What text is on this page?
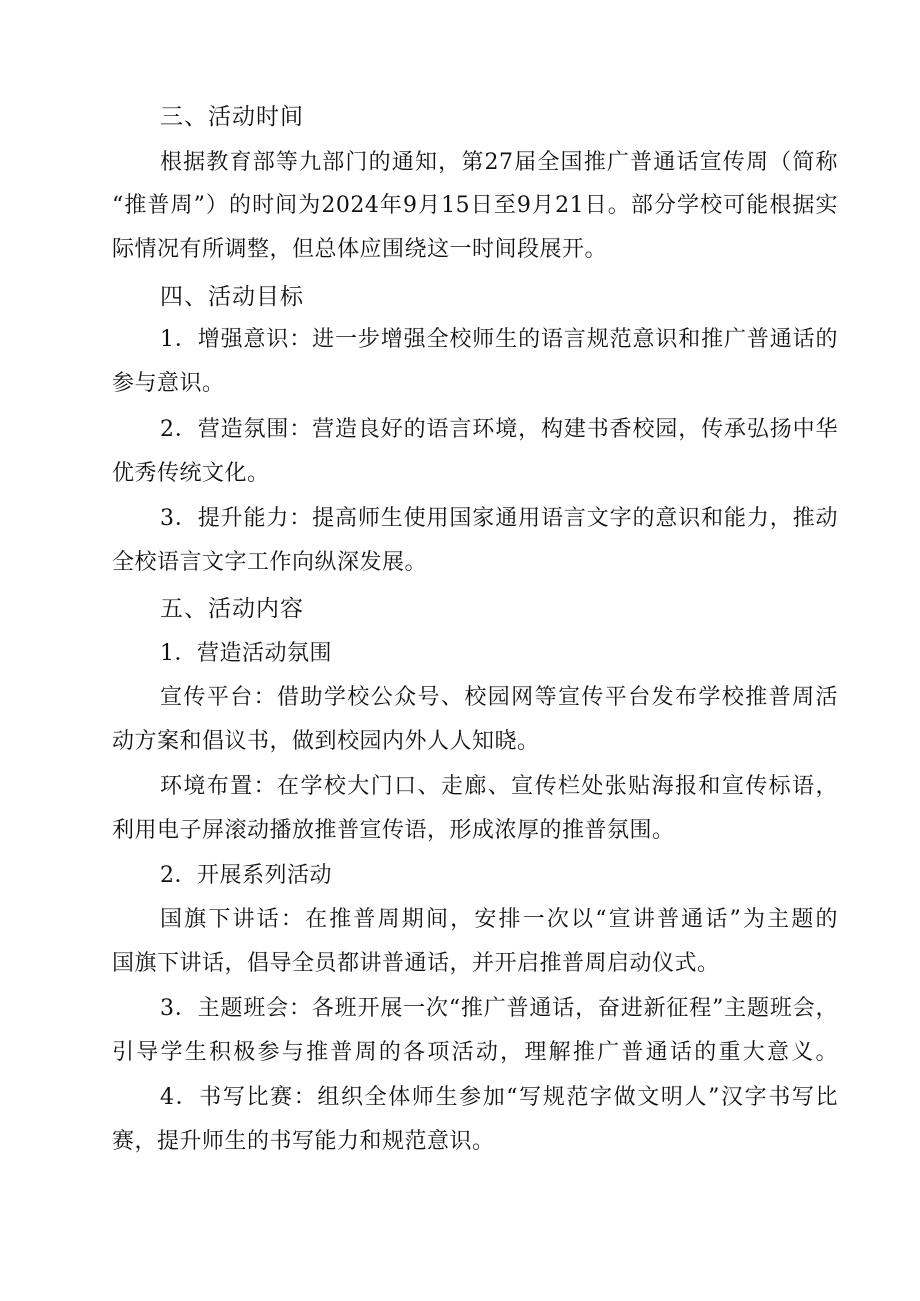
三、活动时间
根据教育部等九部门的通知，第27届全国推广普通话宣传周（简称
“推普周”）的时间为2024年9月15日至9月21日。部分学校可能根据实
际情况有所调整，但总体应围绕这一时间段展开。
四、活动目标
1．增强意识：进一步增强全校师生的语言规范意识和推广普通话的
参与意识。
2．营造氛围：营造良好的语言环境，构建书香校园，传承弘扬中华
优秀传统文化。
3．提升能力：提高师生使用国家通用语言文字的意识和能力，推动
全校语言文字工作向纵深发展。
五、活动内容
1．营造活动氛围
宣传平台：借助学校公众号、校园网等宣传平台发布学校推普周活
动方案和倡议书，做到校园内外人人知晓。
环境布置：在学校大门口、走廊、宣传栏处张贴海报和宣传标语，
利用电子屏滚动播放推普宣传语，形成浓厚的推普氛围。
2．开展系列活动
国旗下讲话：在推普周期间，安排一次以“宣讲普通话”为主题的
国旗下讲话，倡导全员都讲普通话，并开启推普周启动仪式。
3．主题班会：各班开展一次“推广普通话，奋进新征程”主题班会，
引导学生积极参与推普周的各项活动，理解推广普通话的重大意义。
4．书写比赛：组织全体师生参加“写规范字做文明人”汉字书写比
赛，提升师生的书写能力和规范意识。
